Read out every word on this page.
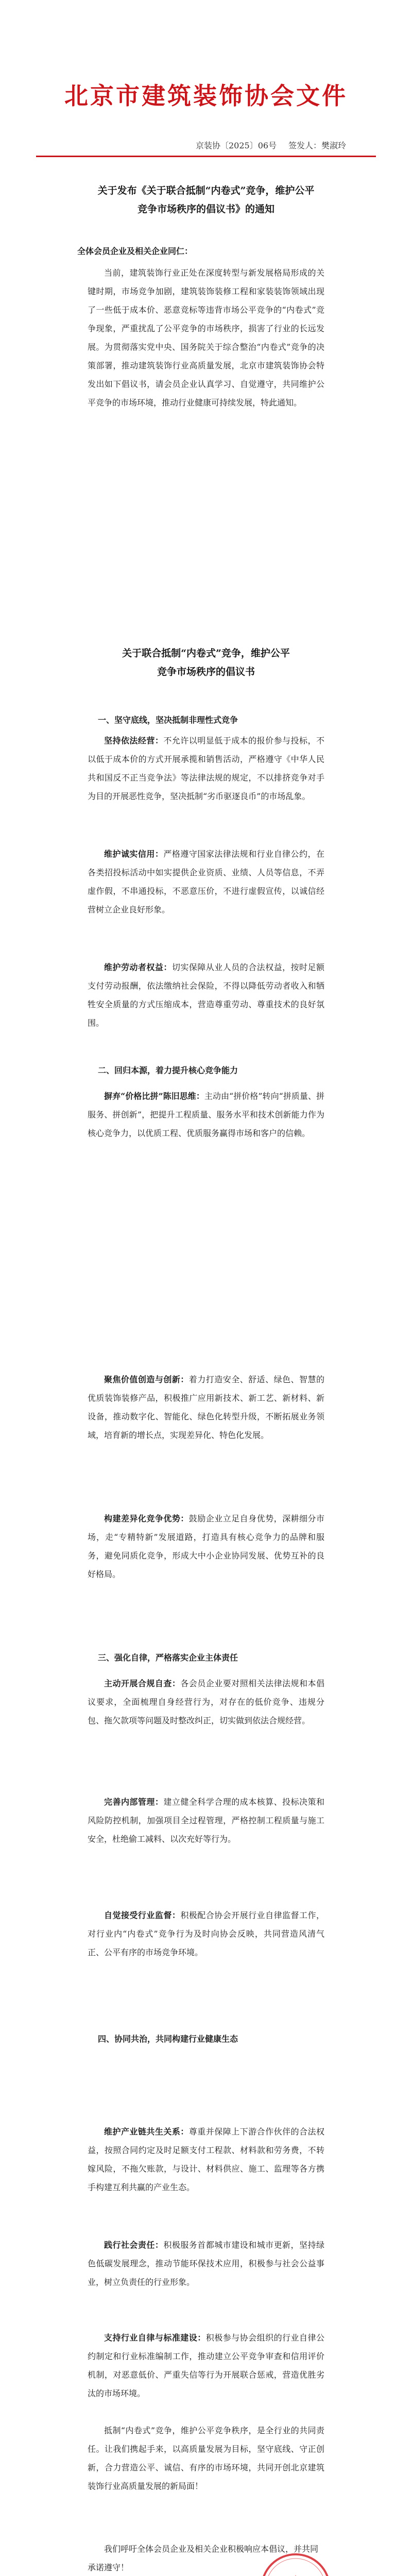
北京市建筑装饰协会文件
京装协〔2025〕06号 签发人：樊淑玲
关于发布《关于联合抵制“内卷式”竞争，维护公平
竞争市场秩序的倡议书》的通知
全体会员企业及相关企业同仁：

当前，建筑装饰行业正处在深度转型与新发展格局形成的关键时期，市场竞争加剧，建筑装饰装修工程和家装装饰领域出现了一些低于成本价、恶意竞标等违背市场公平竞争的“内卷式”竞争现象，严重扰乱了公平竞争的市场秩序，损害了行业的长远发展。为贯彻落实党中央、国务院关于综合整治“内卷式”竞争的决策部署，推动建筑装饰行业高质量发展，北京市建筑装饰协会特发出如下倡议书，请会员企业认真学习、自觉遵守，共同维护公平竞争的市场环境，推动行业健康可持续发展，特此通知。

关于联合抵制“内卷式”竞争，维护公平
竞争市场秩序的倡议书
一、坚守底线，坚决抵制非理性式竞争

坚持依法经营：不允许以明显低于成本的报价参与投标，不以低于成本价的方式开展承揽和销售活动，严格遵守《中华人民共和国反不正当竞争法》等法律法规的规定，不以排挤竞争对手为目的开展恶性竞争，坚决抵制“劣币驱逐良币”的市场乱象。

维护诚实信用：严格遵守国家法律法规和行业自律公约，在各类招投标活动中如实提供企业资质、业绩、人员等信息，不弄虚作假，不串通投标，不恶意压价，不进行虚假宣传，以诚信经营树立企业良好形象。

维护劳动者权益：切实保障从业人员的合法权益，按时足额支付劳动报酬，依法缴纳社会保险，不得以降低劳动者收入和牺牲安全质量的方式压缩成本，营造尊重劳动、尊重技术的良好氛围。

二、回归本源，着力提升核心竞争能力

摒弃“价格比拼”陈旧思维：主动由“拼价格”转向“拼质量、拼服务、拼创新”，把提升工程质量、服务水平和技术创新能力作为核心竞争力，以优质工程、优质服务赢得市场和客户的信赖。

聚焦价值创造与创新：着力打造安全、舒适、绿色、智慧的优质装饰装修产品，积极推广应用新技术、新工艺、新材料、新设备，推动数字化、智能化、绿色化转型升级，不断拓展业务领域，培育新的增长点，实现差异化、特色化发展。

构建差异化竞争优势：鼓励企业立足自身优势，深耕细分市场，走“专精特新”发展道路，打造具有核心竞争力的品牌和服务，避免同质化竞争，形成大中小企业协同发展、优势互补的良好格局。

三、强化自律，严格落实企业主体责任

主动开展合规自查：各会员企业要对照相关法律法规和本倡议要求，全面梳理自身经营行为，对存在的低价竞争、违规分包、拖欠款项等问题及时整改纠正，切实做到依法合规经营。

完善内部管理：建立健全科学合理的成本核算、投标决策和风险防控机制，加强项目全过程管理，严格控制工程质量与施工安全，杜绝偷工减料、以次充好等行为。

自觉接受行业监督：积极配合协会开展行业自律监督工作，对行业内“内卷式”竞争行为及时向协会反映，共同营造风清气正、公平有序的市场竞争环境。

四、协同共治，共同构建行业健康生态

维护产业链共生关系：尊重并保障上下游合作伙伴的合法权益，按照合同约定及时足额支付工程款、材料款和劳务费，不转嫁风险，不拖欠账款，与设计、材料供应、施工、监理等各方携手构建互利共赢的产业生态。

践行社会责任：积极服务首都城市建设和城市更新，坚持绿色低碳发展理念，推动节能环保技术应用，积极参与社会公益事业，树立负责任的行业形象。

支持行业自律与标准建设：积极参与协会组织的行业自律公约制定和行业标准编制工作，推动建立公平竞争审查和信用评价机制，对恶意低价、严重失信等行为开展联合惩戒，营造优胜劣汰的市场环境。

抵制“内卷式”竞争，维护公平竞争秩序，是全行业的共同责任。让我们携起手来，以高质量发展为目标，坚守底线、守正创新，合力营造公平、诚信、有序的市场环境，共同开创北京建筑装饰行业高质量发展的新局面！

我们呼吁全体会员企业及相关企业积极响应本倡议，并共同承诺遵守！
